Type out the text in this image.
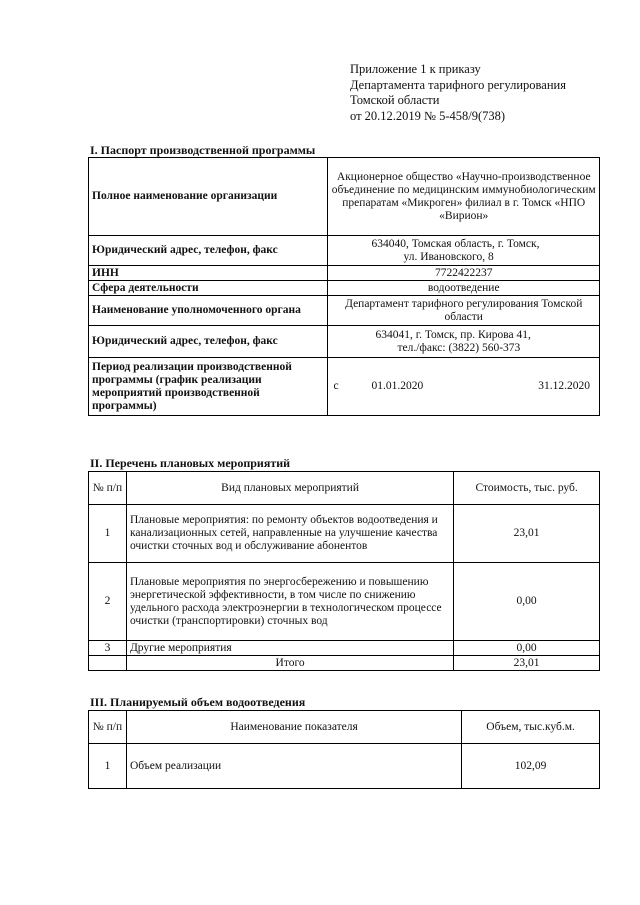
Приложение 1 к приказу
Департамента тарифного регулирования
Томской области
от 20.12.2019 № 5-458/9(738)
I. Паспорт производственной программы
Полное наименование организации	Акционерное общество «Научно-производственное объединение по медицинским иммунобиологическим препаратам «Микроген» филиал в г. Томск «НПО «Вирион»
Юридический адрес, телефон, факс	634040, Томская область, г. Томск,
ул. Ивановского, 8

ИНН	7722422237
Сфера деятельности	водоотведение
Наименование уполномоченного органа	Департамент тарифного регулирования Томской области
Юридический адрес, телефон, факс	634041, г. Томск, пр. Кирова 41,
тел./факс: (3822) 560-373

Период реализации производственной программы (график реализации мероприятий производственной программы)	с 01.01.2020 31.12.2020
II. Перечень плановых мероприятий
№ п/п	Вид плановых мероприятий	Стоимость, тыс. руб.
1	Плановые мероприятия: по ремонту объектов водоотведения и канализационных сетей, направленные на улучшение качества очистки сточных вод и обслуживание абонентов	23,01
2	Плановые мероприятия по энергосбережению и повышению энергетической эффективности, в том числе по снижению удельного расхода электроэнергии в технологическом процессе очистки (транспортировки) сточных вод	0,00
3	Другие мероприятия	0,00
	Итого	23,01
III. Планируемый объем водоотведения
№ п/п	Наименование показателя	Объем, тыс.куб.м.
1	Объем реализации	102,09
